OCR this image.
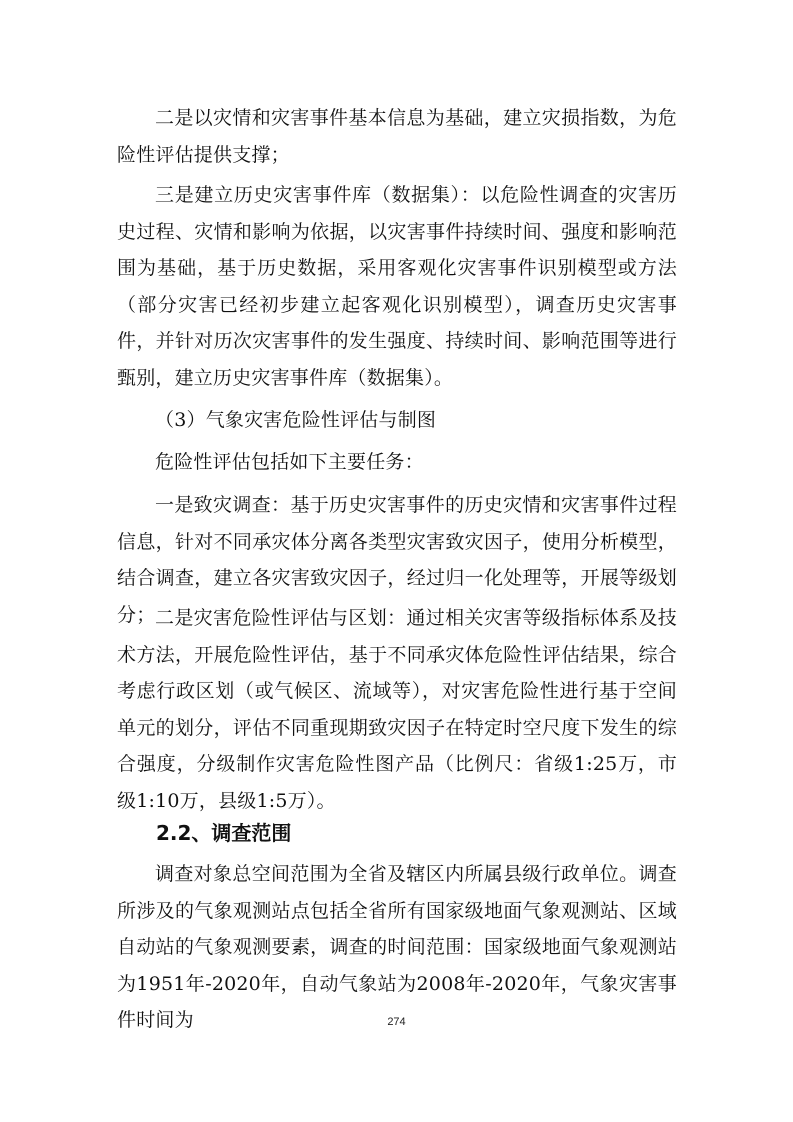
二是以灾情和灾害事件基本信息为基础，建立灾损指数，为危险性评估提供支撑；

三是建立历史灾害事件库（数据集）：以危险性调查的灾害历史过程、灾情和影响为依据，以灾害事件持续时间、强度和影响范围为基础，基于历史数据，采用客观化灾害事件识别模型或方法（部分灾害已经初步建立起客观化识别模型），调查历史灾害事件，并针对历次灾害事件的发生强度、持续时间、影响范围等进行甄别，建立历史灾害事件库（数据集）。

（3）气象灾害危险性评估与制图

危险性评估包括如下主要任务：

一是致灾调查：基于历史灾害事件的历史灾情和灾害事件过程信息，针对不同承灾体分离各类型灾害致灾因子，使用分析模型，结合调查，建立各灾害致灾因子，经过归一化处理等，开展等级划分； 二是灾害危险性评估与区划：通过相关灾害等级指标体系及技术方法，开展危险性评估，基于不同承灾体危险性评估结果，综合考虑行政区划（或气候区、流域等），对灾害危险性进行基于空间单元的划分，评估不同重现期致灾因子在特定时空尺度下发生的综合强度，分级制作灾害危险性图产品（比例尺：省级1:25万，市级1:10万，县级1:5万）。

2.2、调查范围

调查对象总空间范围为全省及辖区内所属县级行政单位。调查所涉及的气象观测站点包括全省所有国家级地面气象观测站、区域自动站的气象观测要素，调查的时间范围：国家级地面气象观测站为1951年-2020年，自动气象站为2008年-2020年，气象灾害事件时间为	274
